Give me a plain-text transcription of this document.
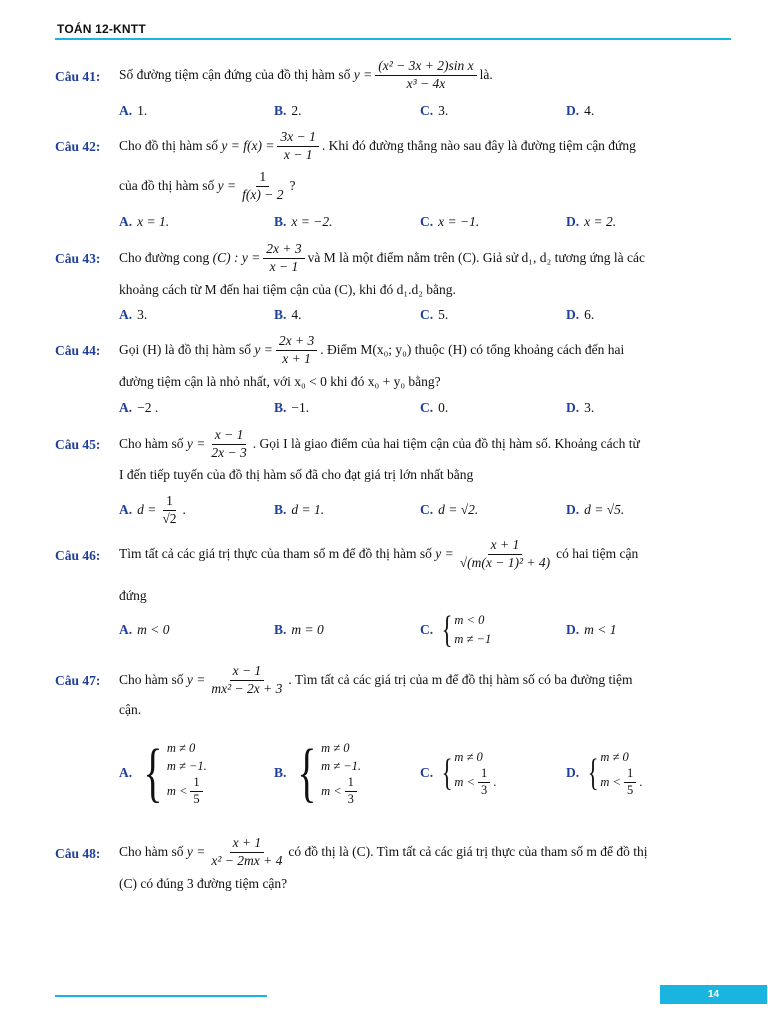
TOÁN 12-KNTT
Câu 41: Số đường tiệm cận đứng của đồ thị hàm số
$y = \frac{\text{(x² − 3x + 2)sin x}}{\text{x³ − 4x}}$ là.
A. 1.	B. 2.	C. 3.	D. 4.
Câu 42: Cho đồ thị hàm số
$y = f(x) = \frac{3x - 1}{x - 1}$ . Khi đó đường thẳng nào sau đây là đường tiệm cận đứng
của đồ thị hàm số
$y = \frac{1}{f(x) - 2}$ ?
A. x = 1.	B. x = −2.	C. x = −1.	D. x = 2.
Câu 43: Cho đường cong
(C) : $y = \frac{2x + 3}{x - 1}$ và M là một điểm nằm trên (C). Giả sử d₁, d₂ tương ứng là các
khoảng cách từ M đến hai tiệm cận của (C), khi đó d₁.d₂ bằng.
A. 3.	B. 4.	C. 5.	D. 6.
Câu 44: Gọi (H) là đồ thị hàm số
$y = \frac{2x + 3}{x + 1}$ . Điểm M(x₀; y₀) thuộc (H) có tổng khoảng cách đến hai
đường tiệm cận là nhỏ nhất, với x₀ < 0 khi đó x₀ + y₀ bằng?
A. −2 .	B. −1.	C. 0.	D. 3.
Câu 45: Cho hàm số
$y = \frac{x - 1}{2x - 3}$ . Gọi I là giao điểm của hai tiệm cận của đồ thị hàm số. Khoảng cách từ
I đến tiếp tuyến của đồ thị hàm số đã cho đạt giá trị lớn nhất bằng
A. $d = \frac{1}{√2}$ .	B. d = 1.	C. d = √2.	D. d = √5.
Câu 46: Tìm tất cả các giá trị thực của tham số m để đồ thị hàm số
$y = \frac{x + 1}{\text{√(m(x − 1)² + 4)}}$ có hai tiệm cận
đứng
A. m < 0	B. m = 0	C. { m < 0
m ≠ −1
D. m < 1
Câu 47: Cho hàm số
$y = \frac{x - 1}{\text{mx² − 2x + 3}}$ . Tìm tất cả các giá trị của m để đồ thị hàm số có ba đường tiệm
cận.
A. { m ≠ 0
m ≠ −1.
$m < \frac{1}{5}$
B. { m ≠ 0
m ≠ −1.
$m < \frac{1}{3}$
C. { m ≠ 0
$m < \frac{1}{3}$ .
D. { m ≠ 0
$m < \frac{1}{5}$ .
Câu 48: Cho hàm số
$y = \frac{x + 1}{\text{x² − 2mx + 4}}$ có đồ thị là (C). Tìm tất cả các giá trị thực của tham số m để đồ thị
(C) có đúng 3 đường tiệm cận?
14
